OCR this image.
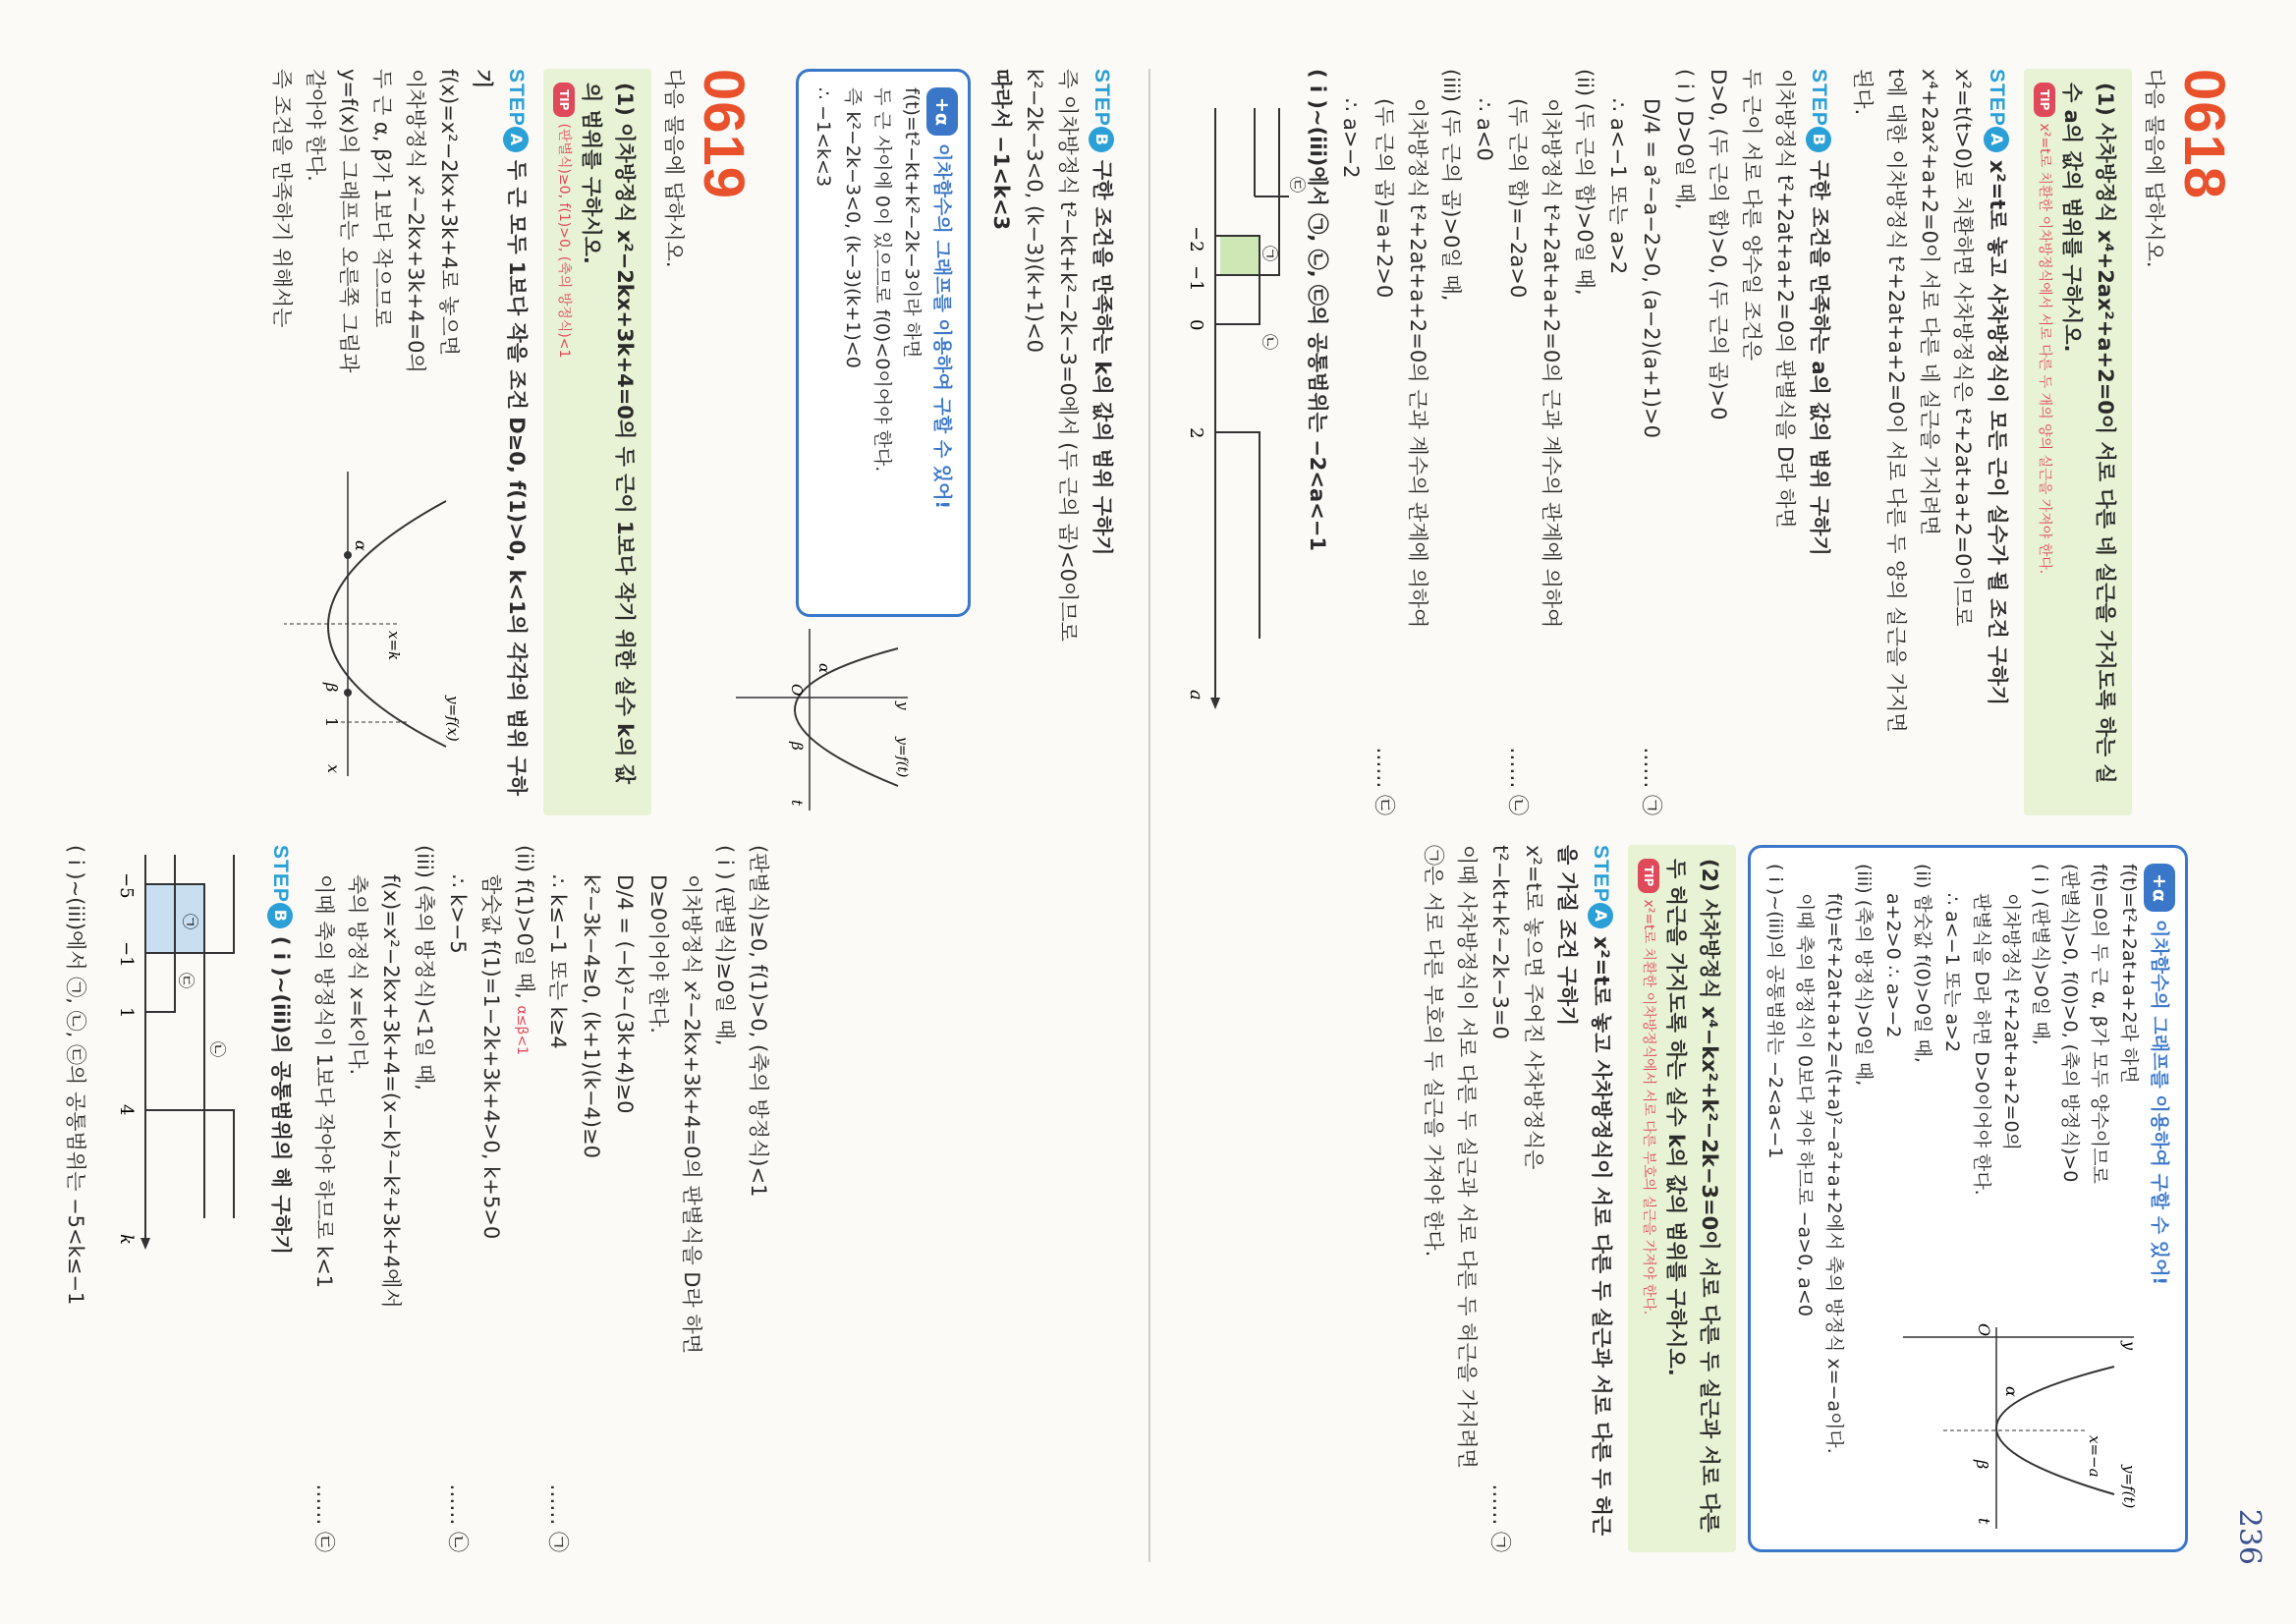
236
0618
다음 물음에 답하시오.
(1) 사차방정식 x⁴+2ax²+a+2=0이 서로 다른 네 실근을 가지도록 하는 실수 a의 값의 범위를 구하시오.
TIPx²=t로 치환한 이차방정식에서 서로 다른 두 개의 양의 실근을 가져야 한다.
STEPAx²=t로 놓고 사차방정식이 모든 근이 실수가 될 조건 구하기
x²=t(t>0)로 치환하면 사차방정식은 t²+2at+a+2=0이므로
x⁴+2ax²+a+2=0이 서로 다른 네 실근을 가지려면
t에 대한 이차방정식 t²+2at+a+2=0이 서로 다른 두 양의 실근을 가지면
된다.
STEPB구한 조건을 만족하는 a의 값의 범위 구하기
이차방정식 t²+2at+a+2=0의 판별식을 D라 하면
두 근이 서로 다른 양수일 조건은
D>0, (두 근의 합)>0, (두 근의 곱)>0
( i ) D>0일 때,
D/4 = a²−a−2>0, (a−2)(a+1)>0
…… ㉠
∴ a<−1 또는 a>2
(ii) (두 근의 합)>0일 때,
이차방정식 t²+2at+a+2=0의 근과 계수의 관계에 의하여
(두 근의 합)=−2a>0
…… ㉡
∴ a<0
(iii) (두 근의 곱)>0일 때,
이차방정식 t²+2at+a+2=0의 근과 계수의 관계에 의하여
(두 근의 곱)=a+2>0
…… ㉢
∴ a>−2
( i )~(iii)에서 ㉠, ㉡, ㉢의 공통범위는 −2<a<−1
−2
−1
0
2
a
㉠
㉡
㉢
+α이차함수의 그래프를 이용하여 구할 수 있어!
f(t)=t²+2at+a+2라 하면
f(t)=0의 두 근 α, β가 모두 양수이므로
(판별식)>0, f(0)>0, (축의 방정식)>0
( i ) (판별식)>0일 때,
이차방정식 t²+2at+a+2=0의
판별식을 D라 하면 D>0이어야 한다.
∴ a<−1 또는 a>2
(ii) 함숫값 f(0)>0일 때,
a+2>0 ∴ a>−2
y
t
O
α
β	x=−a
y=f(t)
(iii) (축의 방정식)>0일 때,
f(t)=t²+2at+a+2=(t+a)²−a²+a+2에서 축의 방정식 x=−a이다.
이때 축의 방정식이 0보다 커야 하므로 −a>0, a<0
( i )~(iii)의 공통범위는 −2<a<−1
(2) 사차방정식 x⁴−kx²+k²−2k−3=0이 서로 다른 두 실근과 서로 다른 두 허근을 가지도록 하는 실수 k의 값의 범위를 구하시오.
TIPx²=t로 치환한 이차방정식에서 서로 다른 부호의 실근을 가져야 한다.
STEPAx²=t로 놓고 사차방정식이 서로 다른 두 실근과 서로 다른 두 허근을 가질 조건 구하기
x²=t로 놓으면 주어진 사차방정식은
t²−kt+k²−2k−3=0
…… ㉠
이때 사차방정식이 서로 다른 두 실근과 서로 다른 두 허근을 가지려면
㉠은 서로 다른 부호의 두 실근을 가져야 한다.
STEPB구한 조건을 만족하는 k의 값의 범위 구하기
즉 이차방정식 t²−kt+k²−2k−3=0에서 (두 근의 곱)<0이므로
k²−2k−3<0, (k−3)(k+1)<0
따라서 −1<k<3
+α이차함수의 그래프를 이용하여 구할 수 있어!
f(t)=t²−kt+k²−2k−3이라 하면
두 근 사이에 0이 있으므로 f(0)<0이어야 한다.
즉 k²−2k−3<0, (k−3)(k+1)<0
∴ −1<k<3
y
t
O
α
β	y=f(t)
0619
다음 물음에 답하시오.
(1) 이차방정식 x²−2kx+3k+4=0의 두 근이 1보다 작기 위한 실수 k의 값의 범위를 구하시오.
TIP(판별식)≥0, f(1)>0, (축의 방정식)<1
STEPA두 근 모두 1보다 작을 조건 D≥0, f(1)>0, k<1의 각각의 범위 구하기
f(x)=x²−2kx+3k+4로 놓으면
이차방정식 x²−2kx+3k+4=0의
두 근 α, β가 1보다 작으므로
y=f(x)의 그래프는 오른쪽 그림과
같아야 한다.
즉 조건을 만족하기 위해서는
α
β
1
x
x=k
y=f(x)
(판별식)≥0, f(1)>0, (축의 방정식)<1
( i ) (판별식)≥0일 때,
이차방정식 x²−2kx+3k+4=0의 판별식을 D라 하면
D≥0이어야 한다.
D/4 = (−k)²−(3k+4)≥0
k²−3k−4≥0, (k+1)(k−4)≥0
∴ k≤−1 또는 k≥4
…… ㉠
(ii) f(1)>0일 때, α≤β<1
함숫값 f(1)=1−2k+3k+4>0, k+5>0
∴ k>−5
…… ㉡
(iii) (축의 방정식)<1일 때,
f(x)=x²−2kx+3k+4=(x−k)²−k²+3k+4에서
축의 방정식 x=k이다.
이때 축의 방정식이 1보다 작아야 하므로 k<1
…… ㉢
STEPB( i )~(iii)의 공통범위의 해 구하기
−5
−1
1
4
k
㉠
㉡
㉢
( i )~(iii)에서 ㉠, ㉡, ㉢의 공통범위는 −5<k≤−1
